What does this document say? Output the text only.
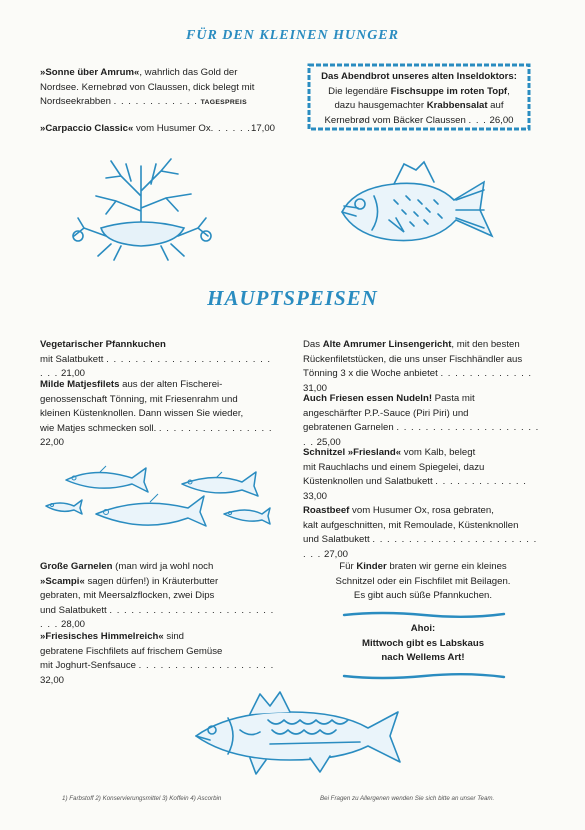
FÜR DEN KLEINEN HUNGER
»Sonne über Amrum«, wahrlich das Gold der
Nordsee. Kernebrød von Claussen, dick belegt mit
Nordseekrabben . . . . . . . . . . . . TAGESPREIS
»Carpaccio Classic« vom Husumer Ox. . . . . .17,00
Das Abendbrot unseres alten Inseldoktors:
Die legendäre Fischsuppe im roten Topf,
dazu hausgemachter Krabbensalat auf
Kernebrød vom Bäcker Claussen . . . 26,00
HAUPTSPEISEN
Vegetarischer Pfannkuchen
mit Salatbukett . . . . . . . . . . . . . . . . . . . . . . . . . . 21,00
Milde Matjesfilets aus der alten Fischerei-
genossenschaft Tönning, mit Friesenrahm und
kleinen Küstenknollen. Dann wissen Sie wieder,
wie Matjes schmecken soll. . . . . . . . . . . . . . . . . 22,00
Große Garnelen (man wird ja wohl noch
»Scampi« sagen dürfen!) in Kräuterbutter
gebraten, mit Meersalzflocken, zwei Dips
und Salatbukett . . . . . . . . . . . . . . . . . . . . . . . . . . 28,00
»Friesisches Himmelreich« sind
gebratene Fischfilets auf frischem Gemüse
mit Joghurt-Senfsauce . . . . . . . . . . . . . . . . . . . 32,00
Das Alte Amrumer Linsengericht, mit den besten
Rückenfiletstücken, die uns unser Fischhändler aus
Tönning 3 x die Woche anbietet . . . . . . . . . . . . . 31,00
Auch Friesen essen Nudeln! Pasta mit
angeschärfter P.P.-Sauce (Piri Piri) und
gebratenen Garnelen . . . . . . . . . . . . . . . . . . . . . . 25,00
Schnitzel »Friesland« vom Kalb, belegt
mit Rauchlachs und einem Spiegelei, dazu
Küstenknollen und Salatbukett . . . . . . . . . . . . . 33,00
Roastbeef vom Husumer Ox, rosa gebraten,
kalt aufgeschnitten, mit Remoulade, Küstenknollen
und Salatbukett . . . . . . . . . . . . . . . . . . . . . . . . . . 27,00
Für Kinder braten wir gerne ein kleines
Schnitzel oder ein Fischfilet mit Beilagen.
Es gibt auch süße Pfannkuchen.
Ahoi:
Mittwoch gibt es Labskaus
nach Wellems Art!
1) Farbstoff 2) Konservierungsmittel 3) Koffein 4) Ascorbin	Bei Fragen zu Allergenen wenden Sie sich bitte an unser Team.
